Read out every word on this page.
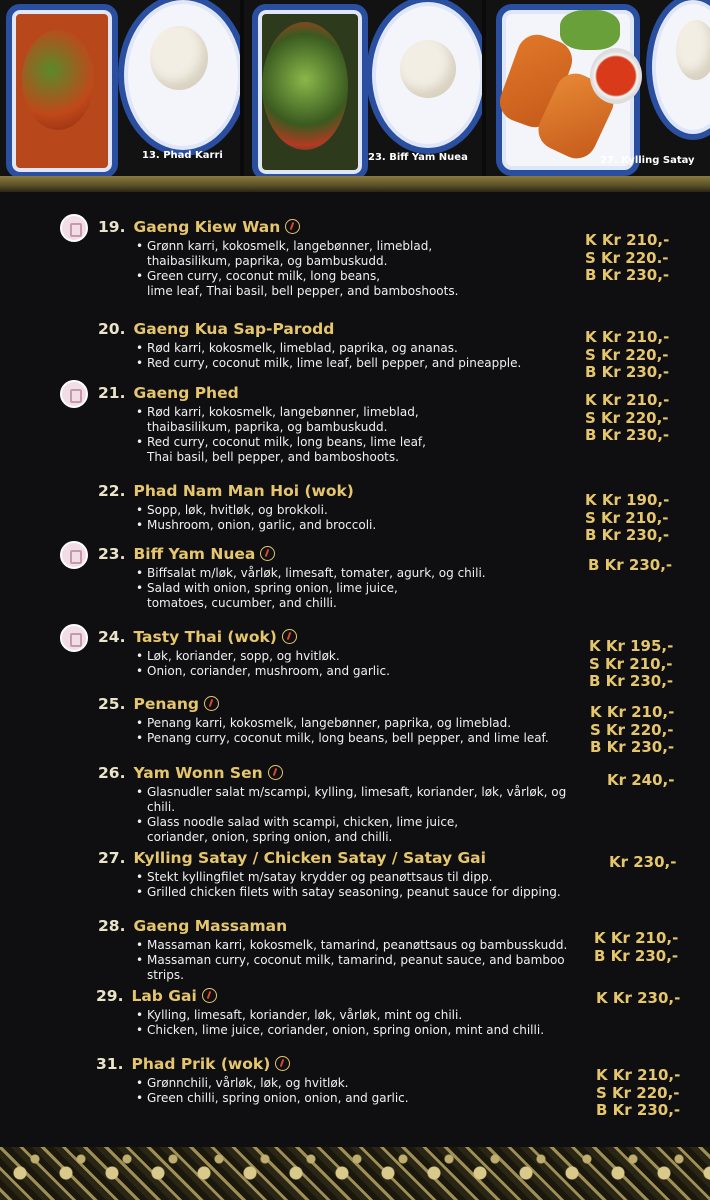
13. Phad Karri	23. Biff Yam Nuea	27. Kylling Satay
19. Gaeng Kiew Wan
• Grønn karri, kokosmelk, langebønner, limeblad,
thaibasilikum, paprika, og bambuskudd.
• Green curry, coconut milk, long beans,
lime leaf, Thai basil, bell pepper, and bamboshoots.
K Kr 210,-
S Kr 220.-
B Kr 230,-
20. Gaeng Kua Sap-Parodd
• Rød karri, kokosmelk, limeblad, paprika, og ananas.
• Red curry, coconut milk, lime leaf, bell pepper, and pineapple.
K Kr 210,-
S Kr 220,-
B Kr 230,-
21. Gaeng Phed
• Rød karri, kokosmelk, langebønner, limeblad,
thaibasilikum, paprika, og bambuskudd.
• Red curry, coconut milk, long beans, lime leaf,
Thai basil, bell pepper, and bamboshoots.
K Kr 210,-
S Kr 220,-
B Kr 230,-
22. Phad Nam Man Hoi (wok)
• Sopp, løk, hvitløk, og brokkoli.
• Mushroom, onion, garlic, and broccoli.
K Kr 190,-
S Kr 210,-
B Kr 230,-
23. Biff Yam Nuea
• Biffsalat m/løk, vårløk, limesaft, tomater, agurk, og chili.
• Salad with onion, spring onion, lime juice,
tomatoes, cucumber, and chilli.
B Kr 230,-
24. Tasty Thai (wok)
• Løk, koriander, sopp, og hvitløk.
• Onion, coriander, mushroom, and garlic.
K Kr 195,-
S Kr 210,-
B Kr 230,-
25. Penang
• Penang karri, kokosmelk, langebønner, paprika, og limeblad.
• Penang curry, coconut milk, long beans, bell pepper, and lime leaf.
K Kr 210,-
S Kr 220,-
B Kr 230,-
26. Yam Wonn Sen
• Glasnudler salat m/scampi, kylling, limesaft, koriander, løk, vårløk, og chili.
• Glass noodle salad with scampi, chicken, lime juice,
coriander, onion, spring onion, and chilli.
Kr 240,-
27. Kylling Satay / Chicken Satay / Satay Gai
• Stekt kyllingfilet m/satay krydder og peanøttsaus til dipp.
• Grilled chicken filets with satay seasoning, peanut sauce for dipping.
Kr 230,-
28. Gaeng Massaman
• Massaman karri, kokosmelk, tamarind, peanøttsaus og bambusskudd.
• Massaman curry, coconut milk, tamarind, peanut sauce, and bamboo strips.
K Kr 210,-
B Kr 230,-
29. Lab Gai
• Kylling, limesaft, koriander, løk, vårløk, mint og chili.
• Chicken, lime juice, coriander, onion, spring onion, mint and chilli.
K Kr 230,-
31. Phad Prik (wok)
• Grønnchili, vårløk, løk, og hvitløk.
• Green chilli, spring onion, onion, and garlic.
K Kr 210,-
S Kr 220,-
B Kr 230,-
